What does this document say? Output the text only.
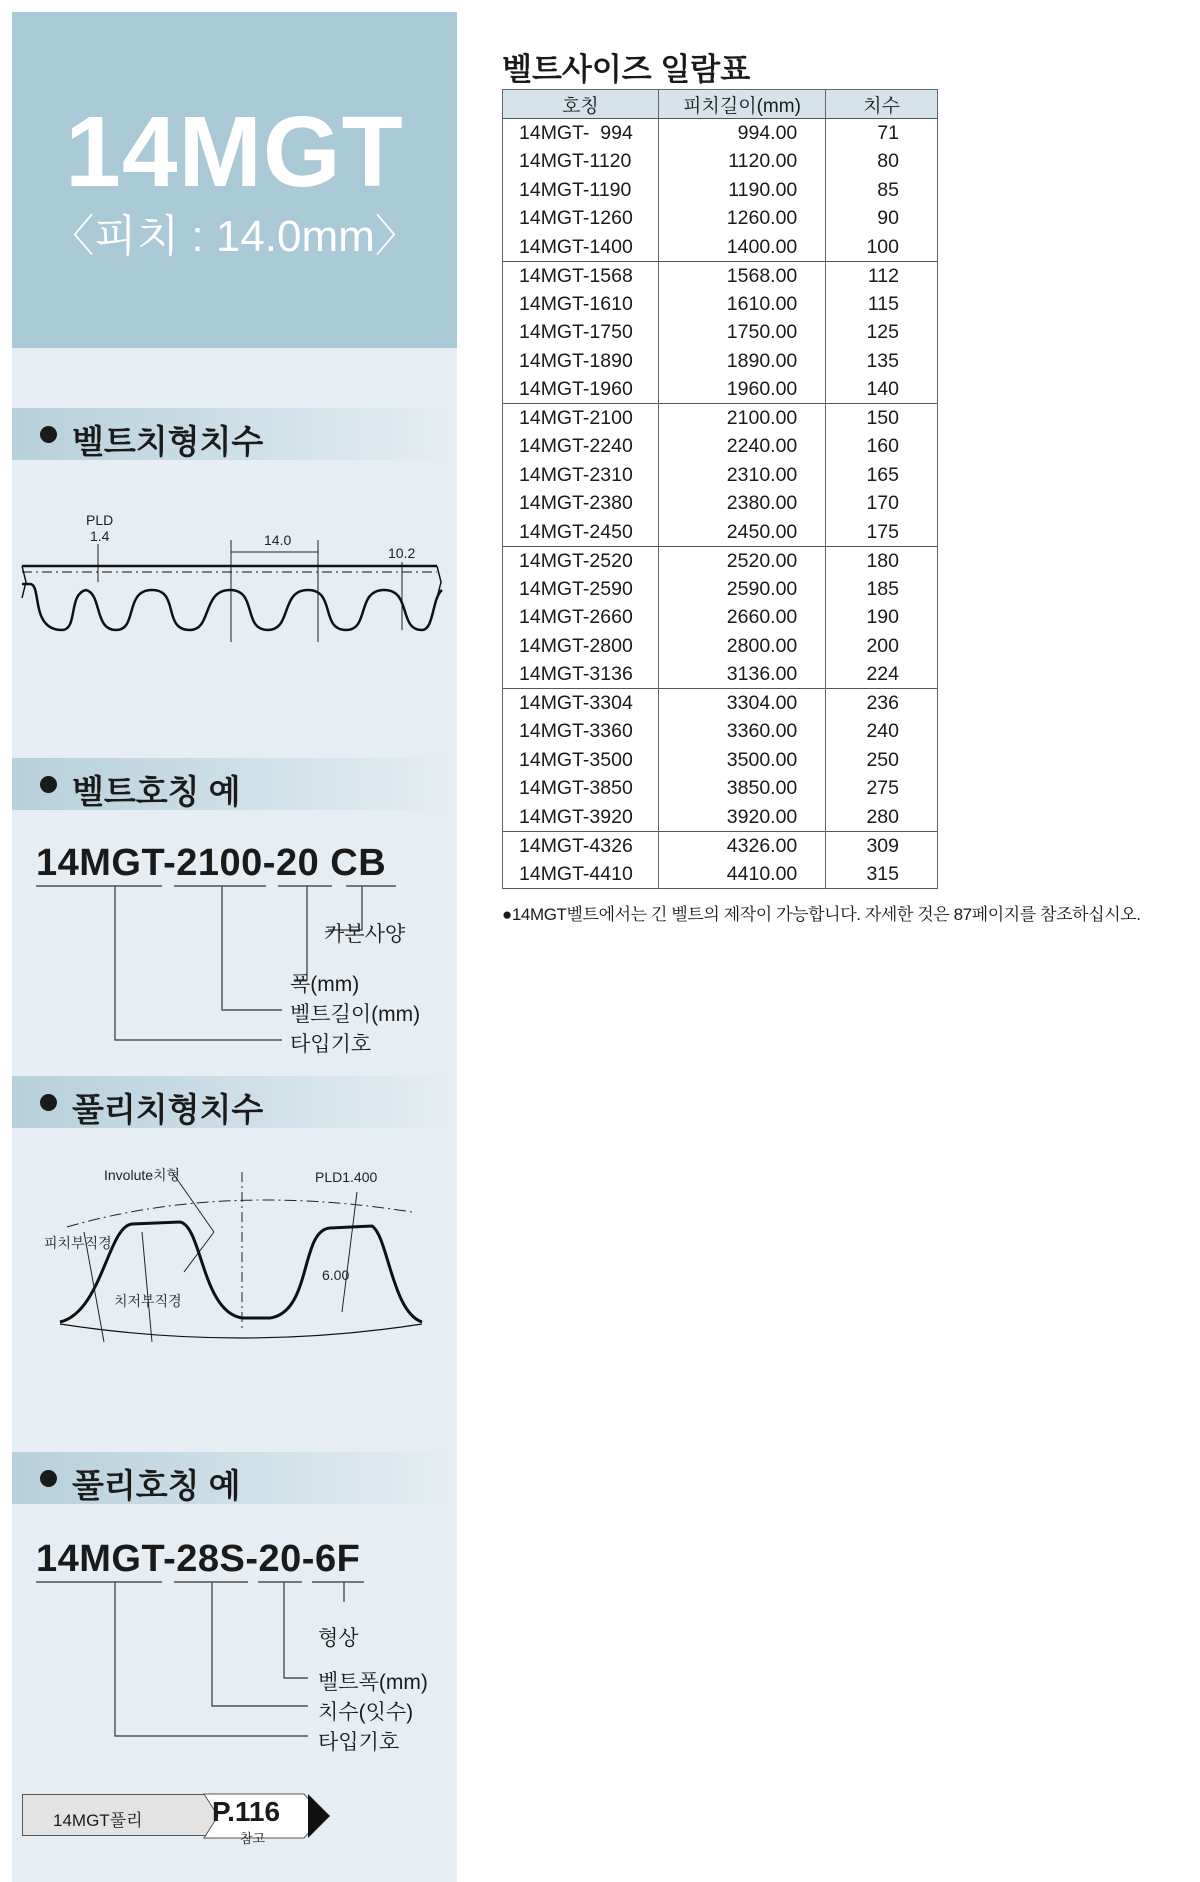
14MGT
〈피치 : 14.0mm〉
벨트치형치수
PLD
1.4	14.0
10.2
벨트호칭 예
14MGT-2100-20 CB
카본사양
폭(mm)
벨트길이(mm)
타입기호
풀리치형치수
Involute치형	PLD1.400
피치부직경
치저부직경
6.00
풀리호칭 예
14MGT-28S-20-6F
형상
벨트폭(mm)
치수(잇수)
타입기호
14MGT풀리 P.116
참고
벨트사이즈 일람표
호칭	피치길이(mm)	치수
14MGT-  994	994.00	71
14MGT-1120	1120.00	80
14MGT-1190	1190.00	85
14MGT-1260	1260.00	90
14MGT-1400	1400.00	100
14MGT-1568	1568.00	112
14MGT-1610	1610.00	115
14MGT-1750	1750.00	125
14MGT-1890	1890.00	135
14MGT-1960	1960.00	140
14MGT-2100	2100.00	150
14MGT-2240	2240.00	160
14MGT-2310	2310.00	165
14MGT-2380	2380.00	170
14MGT-2450	2450.00	175
14MGT-2520	2520.00	180
14MGT-2590	2590.00	185
14MGT-2660	2660.00	190
14MGT-2800	2800.00	200
14MGT-3136	3136.00	224
14MGT-3304	3304.00	236
14MGT-3360	3360.00	240
14MGT-3500	3500.00	250
14MGT-3850	3850.00	275
14MGT-3920	3920.00	280
14MGT-4326	4326.00	309
14MGT-4410	4410.00	315
●14MGT벨트에서는 긴 벨트의 제작이 가능합니다. 자세한 것은 87페이지를 참조하십시오.
